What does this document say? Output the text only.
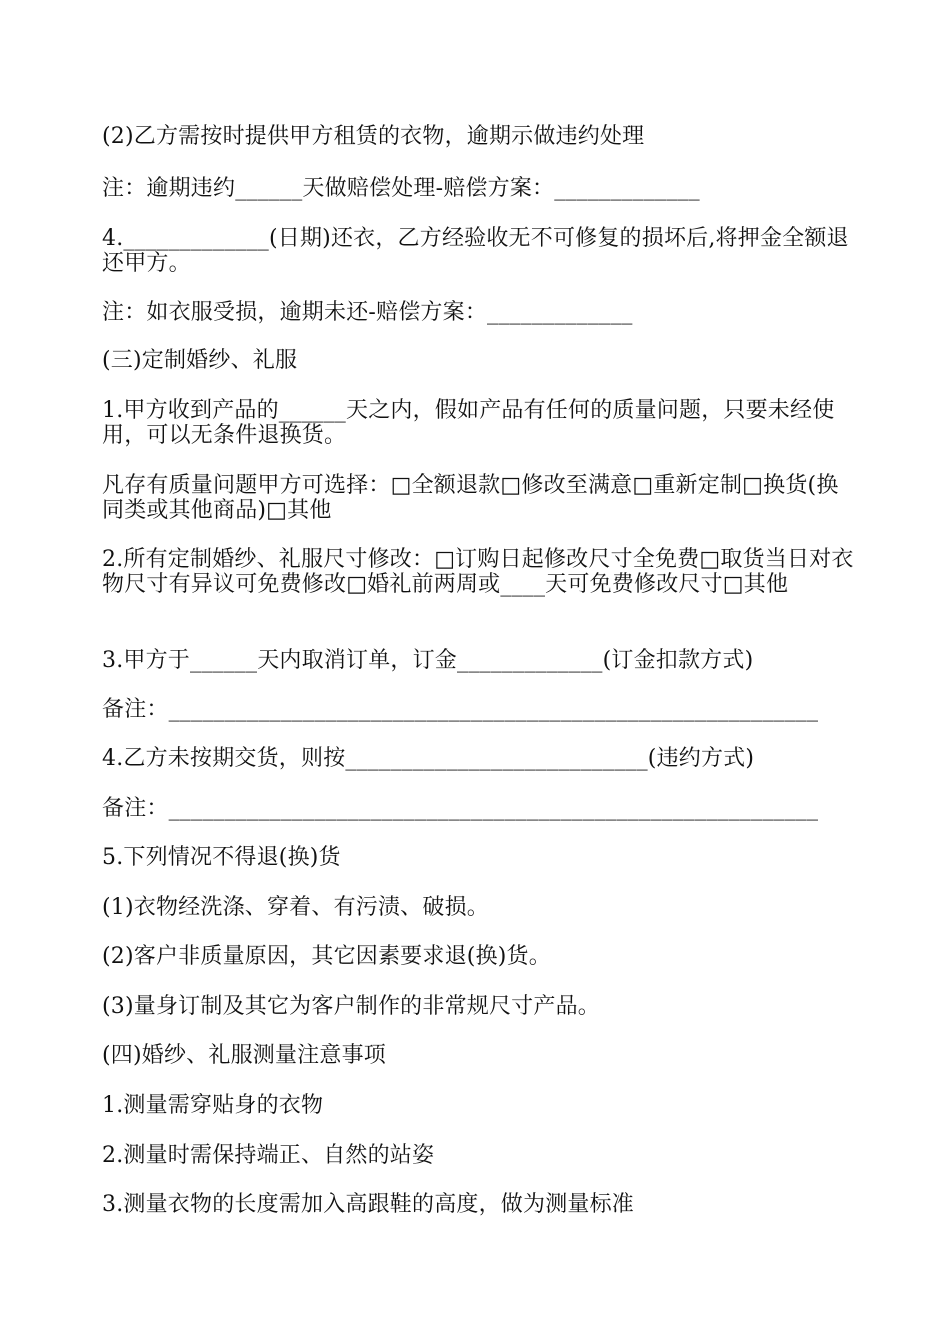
(2)乙方需按时提供甲方租赁的衣物，逾期示做违约处理
注：逾期违约______天做赔偿处理-赔偿方案：_____________
4._____________(日期)还衣，乙方经验收无不可修复的损坏后,将押金全额退还甲方。
注：如衣服受损，逾期未还-赔偿方案：_____________
(三)定制婚纱、礼服
1.甲方收到产品的______天之内，假如产品有任何的质量问题，只要未经使用，可以无条件退换货。
凡存有质量问题甲方可选择：□全额退款□修改至满意□重新定制□换货(换同类或其他商品)□其他
2.所有定制婚纱、礼服尺寸修改：□订购日起修改尺寸全免费□取货当日对衣物尺寸有异议可免费修改□婚礼前两周或____天可免费修改尺寸□其他
3.甲方于______天内取消订单，订金_____________(订金扣款方式)
备注：__________________________________________________________
4.乙方未按期交货，则按___________________________(违约方式)
备注：__________________________________________________________
5.下列情况不得退(换)货
(1)衣物经洗涤、穿着、有污渍、破损。
(2)客户非质量原因，其它因素要求退(换)货。
(3)量身订制及其它为客户制作的非常规尺寸产品。
(四)婚纱、礼服测量注意事项
1.测量需穿贴身的衣物
2.测量时需保持端正、自然的站姿
3.测量衣物的长度需加入高跟鞋的高度，做为测量标准
